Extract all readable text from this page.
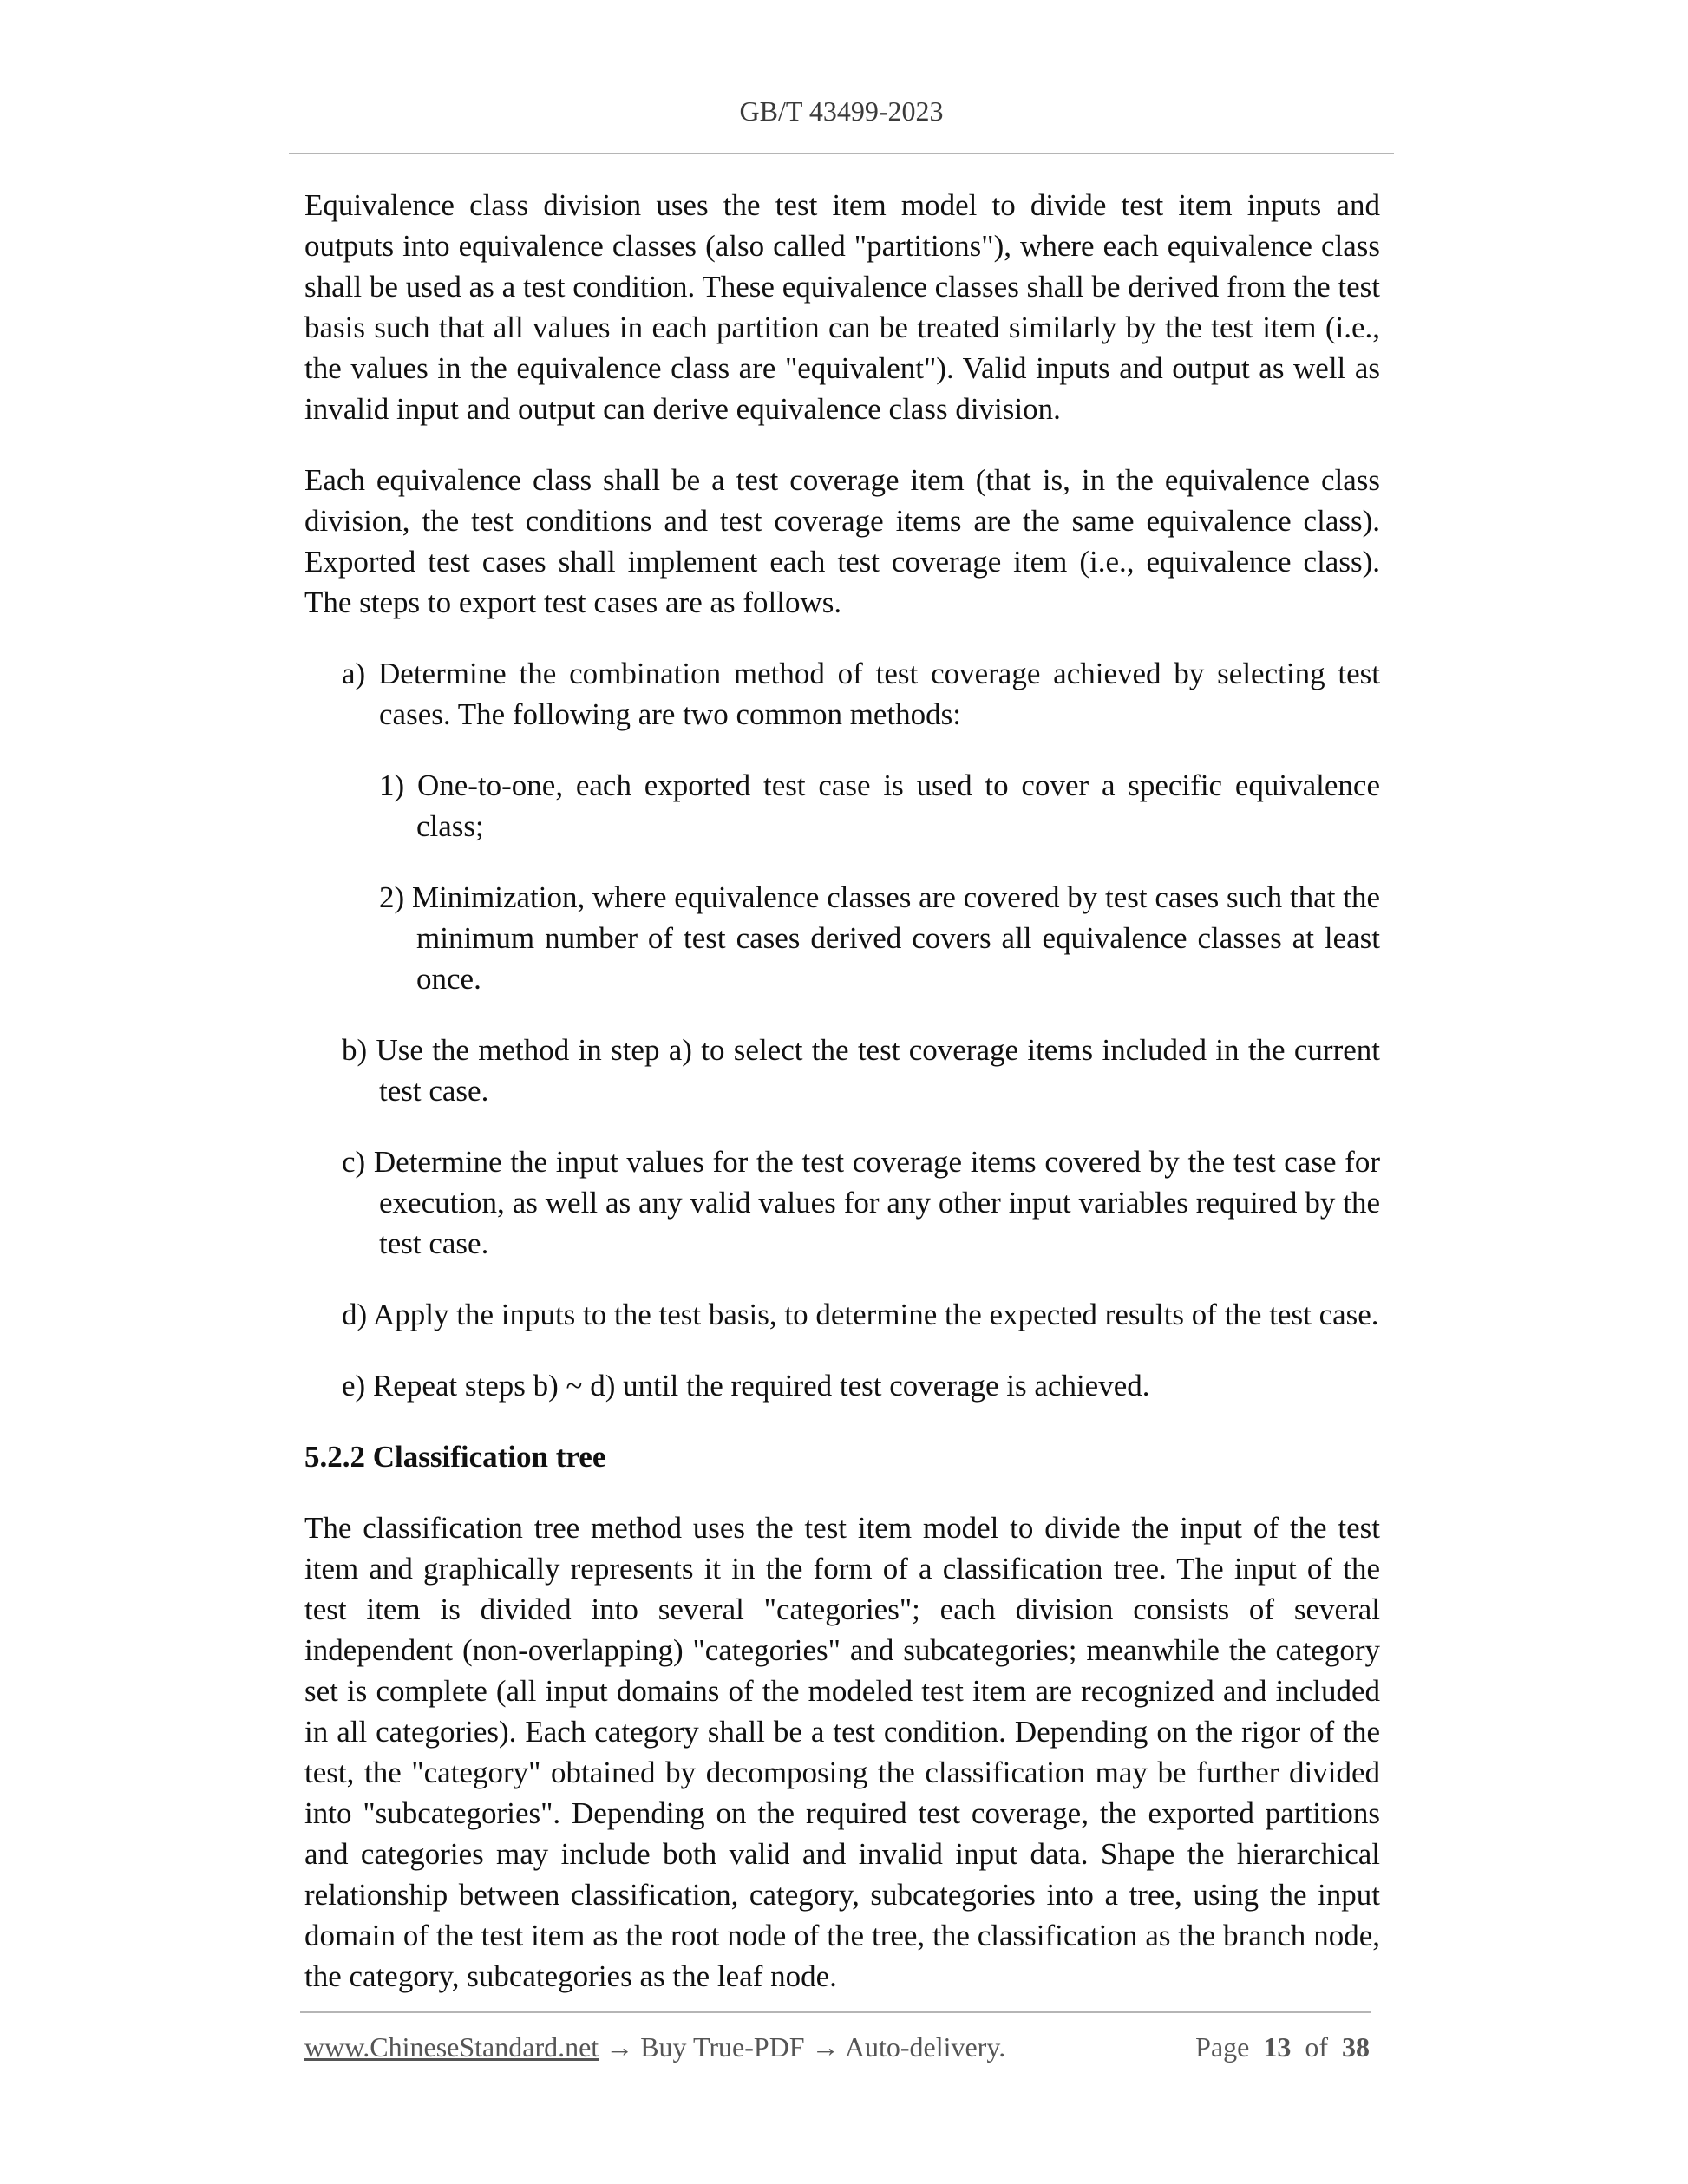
GB/T 43499-2023

Equivalence class division uses the test item model to divide test item inputs and outputs into equivalence classes (also called "partitions"), where each equivalence class shall be used as a test condition. These equivalence classes shall be derived from the test basis such that all values in each partition can be treated similarly by the test item (i.e., the values in the equivalence class are "equivalent"). Valid inputs and output as well as invalid input and output can derive equivalence class division.

Each equivalence class shall be a test coverage item (that is, in the equivalence class division, the test conditions and test coverage items are the same equivalence class). Exported test cases shall implement each test coverage item (i.e., equivalence class). The steps to export test cases are as follows.

a) Determine the combination method of test coverage achieved by selecting test cases. The following are two common methods:

1) One-to-one, each exported test case is used to cover a specific equivalence class;

2) Minimization, where equivalence classes are covered by test cases such that the minimum number of test cases derived covers all equivalence classes at least once.

b) Use the method in step a) to select the test coverage items included in the current test case.

c) Determine the input values for the test coverage items covered by the test case for execution, as well as any valid values for any other input variables required by the test case.

d) Apply the inputs to the test basis, to determine the expected results of the test case.

e) Repeat steps b) ~ d) until the required test coverage is achieved.

5.2.2 Classification tree

The classification tree method uses the test item model to divide the input of the test item and graphically represents it in the form of a classification tree. The input of the test item is divided into several "categories"; each division consists of several independent (non-overlapping) "categories" and subcategories; meanwhile the category set is complete (all input domains of the modeled test item are recognized and included in all categories). Each category shall be a test condition. Depending on the rigor of the test, the "category" obtained by decomposing the classification may be further divided into "subcategories". Depending on the required test coverage, the exported partitions and categories may include both valid and invalid input data. Shape the hierarchical relationship between classification, category, subcategories into a tree, using the input domain of the test item as the root node of the tree, the classification as the branch node, the category, subcategories as the leaf node.

www.ChineseStandard.net → Buy True-PDF → Auto-delivery.	Page 13 of 38
